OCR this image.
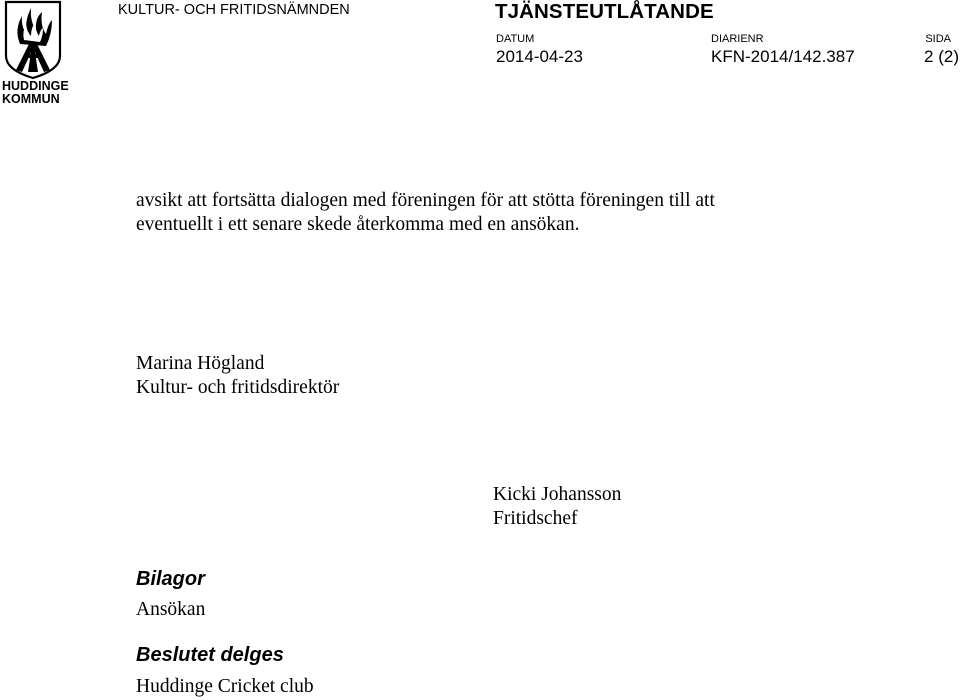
HUDDINGE
KOMMUN
KULTUR- OCH FRITIDSNÄMNDEN	TJÄNSTEUTLÅTANDE
DATUM
2014-04-23
DIARIENR
KFN-2014/142.387
SIDA
2 (2)
avsikt att fortsätta dialogen med föreningen för att stötta föreningen till att
eventuellt i ett senare skede återkomma med en ansökan.
Marina Högland
Kultur- och fritidsdirektör
Kicki Johansson
Fritidschef
Bilagor
Ansökan
Beslutet delges
Huddinge Cricket club
